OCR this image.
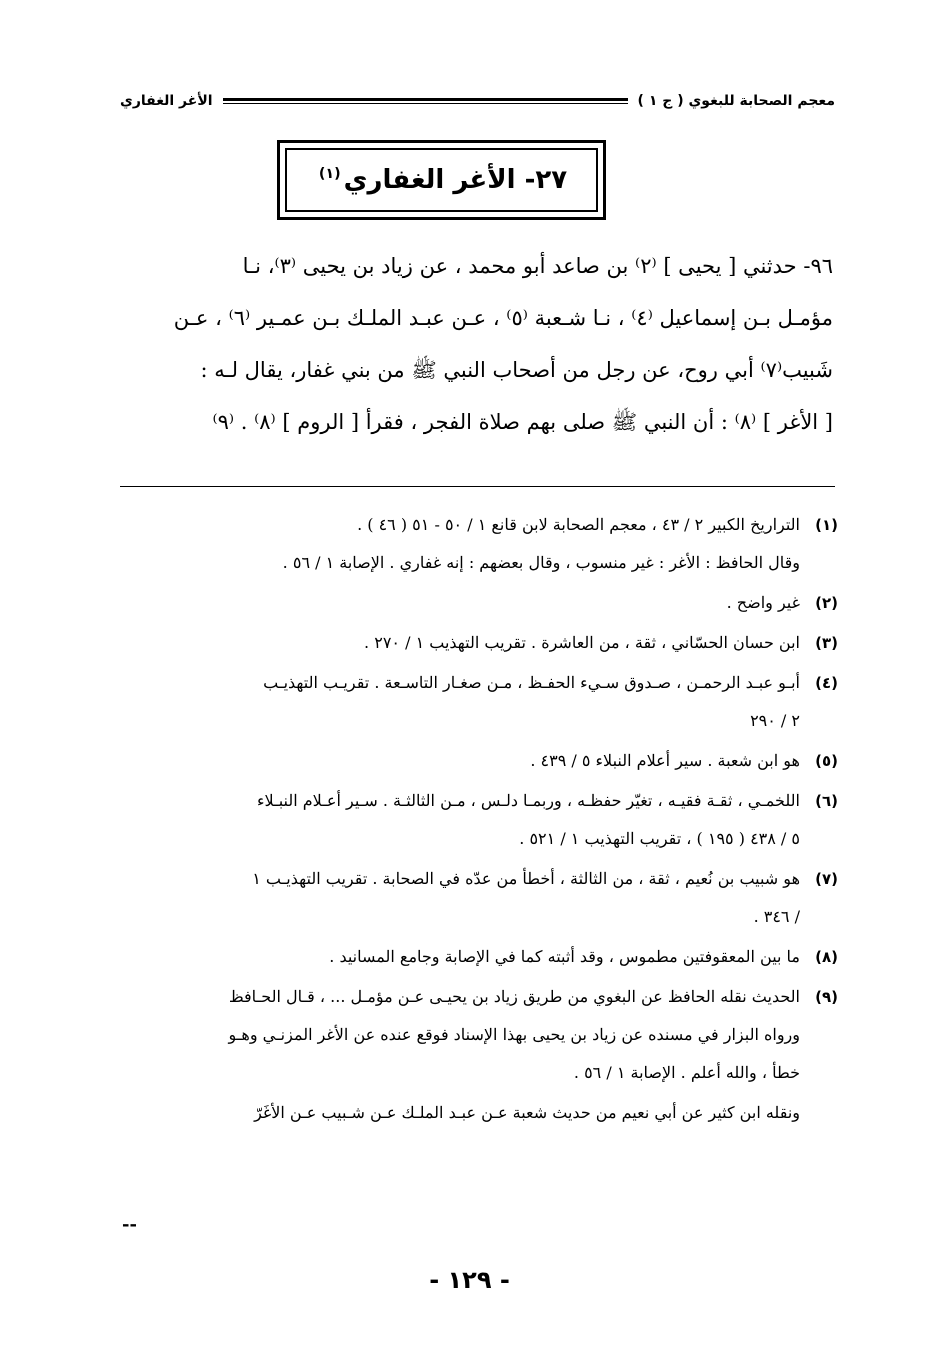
معجم الصحابة للبغوي ( ج ١ )
الأغر الغفاري
٢٧- الأغر الغفاري$^{(١)}$

٩٦- حدثني [ يحيى ] ⁽٢⁾ بن صاعد أبو محمد ، عن زياد بن يحيى ⁽٣⁾، نـا

مؤمـل بـن إسماعيل ⁽٤⁾ ، نـا شـعبة ⁽٥⁾ ، عـن عبـد الملـك بـن عمـير ⁽٦⁾ ، عـن

شَبيب⁽٧⁾ أبي روح، عن رجل من أصحاب النبي ﷺ من بني غفار، يقال لـه :

[ الأغر ] ⁽٨⁾ : أن النبي ﷺ صلى بهم صلاة الفجر ، فقرأ [ الروم ] ⁽٨⁾ . ⁽٩⁾

(١)

التراريخ الكبير ٢ / ٤٣ ، معجم الصحابة لابن قانع ١ / ٥٠ - ٥١ ( ٤٦ ) .

وقال الحافظ : الأغر : غير منسوب ، وقال بعضهم : إنه غفاري . الإصابة ١ / ٥٦ .

(٢)

غير واضح .

(٣)

ابن حسان الحسّاني ، ثقة ، من العاشرة . تقريب التهذيب ١ / ٢٧٠ .

(٤)

أبـو عبـد الرحمـن ، صـدوق سـيء الحفـظ ، مـن صغـار التاسـعة . تقريـب التهذيـب

٢ / ٢٩٠

(٥)

هو ابن شعبة . سير أعلام النبلاء ٥ / ٤٣٩ .

(٦)

اللخمـي ، ثقـة فقيـه ، تغيّر حفظـه ، وربمـا دلـس ، مـن الثالثـة . سـير أعـلام النبـلاء

٥ / ٤٣٨ ( ١٩٥ ) ، تقريب التهذيب ١ / ٥٢١ .

(٧)

هو شبيب بن نُعيم ، ثقة ، من الثالثة ، أخطأ من عدّه في الصحابة . تقريب التهذيـب ١

/ ٣٤٦ .

(٨)

ما بين المعقوفتين مطموس ، وقد أثبته كما في الإصابة وجامع المسانيد .

(٩)

الحديث نقله الحافظ عن البغوي من طريق زياد بن يحيـى عـن مؤمـل ... ، قـال الحـافظ

ورواه البزار في مسنده عن زياد بن يحيى بهذا الإسناد فوقع عنده عن الأغر المزنـي وهـو

خطأ ، والله أعلم . الإصابة ١ / ٥٦ .

ونقله ابن كثير عن أبي نعيم من حديث شعبة عـن عبـد الملـك عـن شـبيب عـن الأغَرّ

--
- ١٢٩ -
